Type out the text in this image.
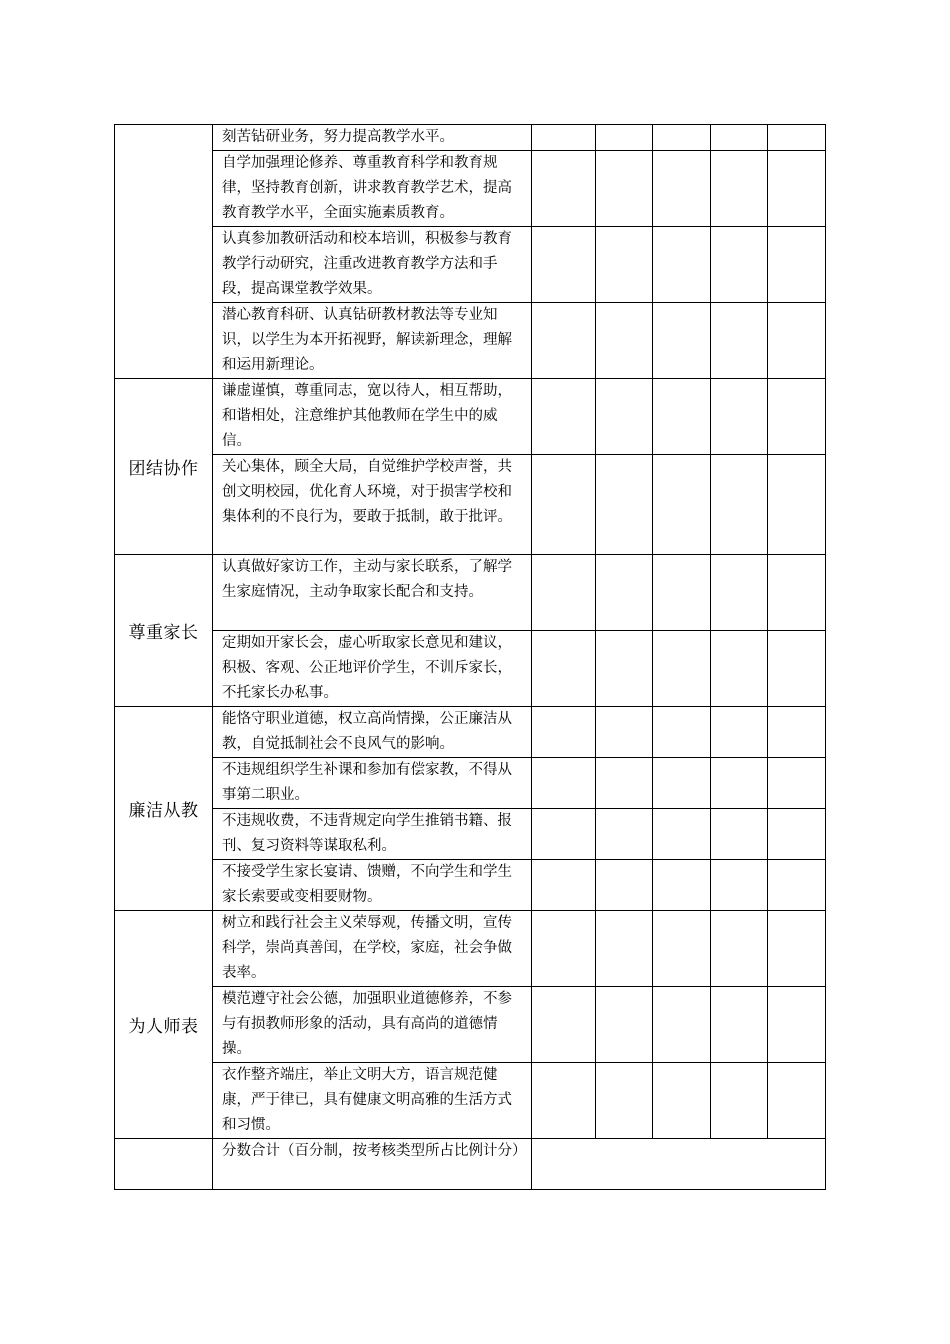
	刻苦钻研业务，努力提高教学水平。					
	自学加强理论修养、尊重教育科学和教育规律，坚持教育创新，讲求教育教学艺术，提高教育教学水平，全面实施素质教育。					
	认真参加教研活动和校本培训，积极参与教育教学行动研究，注重改进教育教学方法和手段，提高课堂教学效果。					
	潜心教育科研、认真钻研教材教法等专业知识，以学生为本开拓视野，解读新理念，理解和运用新理论。					
团结协作	谦虚谨慎，尊重同志，宽以待人，相互帮助，和谐相处，注意维护其他教师在学生中的威信。					
	关心集体，顾全大局，自觉维护学校声誉，共创文明校园，优化育人环境，对于损害学校和集体利的不良行为，要敢于抵制，敢于批评。					
尊重家长	认真做好家访工作，主动与家长联系，了解学生家庭情况，主动争取家长配合和支持。					
	定期如开家长会，虚心听取家长意见和建议，积极、客观、公正地评价学生，不训斥家长，不托家长办私事。					
廉洁从教	能恪守职业道德，权立高尚情操，公正廉洁从教，自觉抵制社会不良风气的影响。					
	不违规组织学生补课和参加有偿家教，不得从事第二职业。					
	不违规收费，不违背规定向学生推销书籍、报刊、复习资料等谋取私利。					
	不接受学生家长宴请、馈赠，不向学生和学生家长索要或变相要财物。					
为人师表	树立和践行社会主义荣辱观，传播文明，宣传科学，崇尚真善闰，在学校，家庭，社会争做表率。					
	模范遵守社会公德，加强职业道德修养，不参与有损教师形象的活动，具有高尚的道德情操。					
	衣作整齐端庄，举止文明大方，语言规范健康，严于律已，具有健康文明高雅的生活方式和习惯。					
	分数合计（百分制，按考核类型所占比例计分）					
